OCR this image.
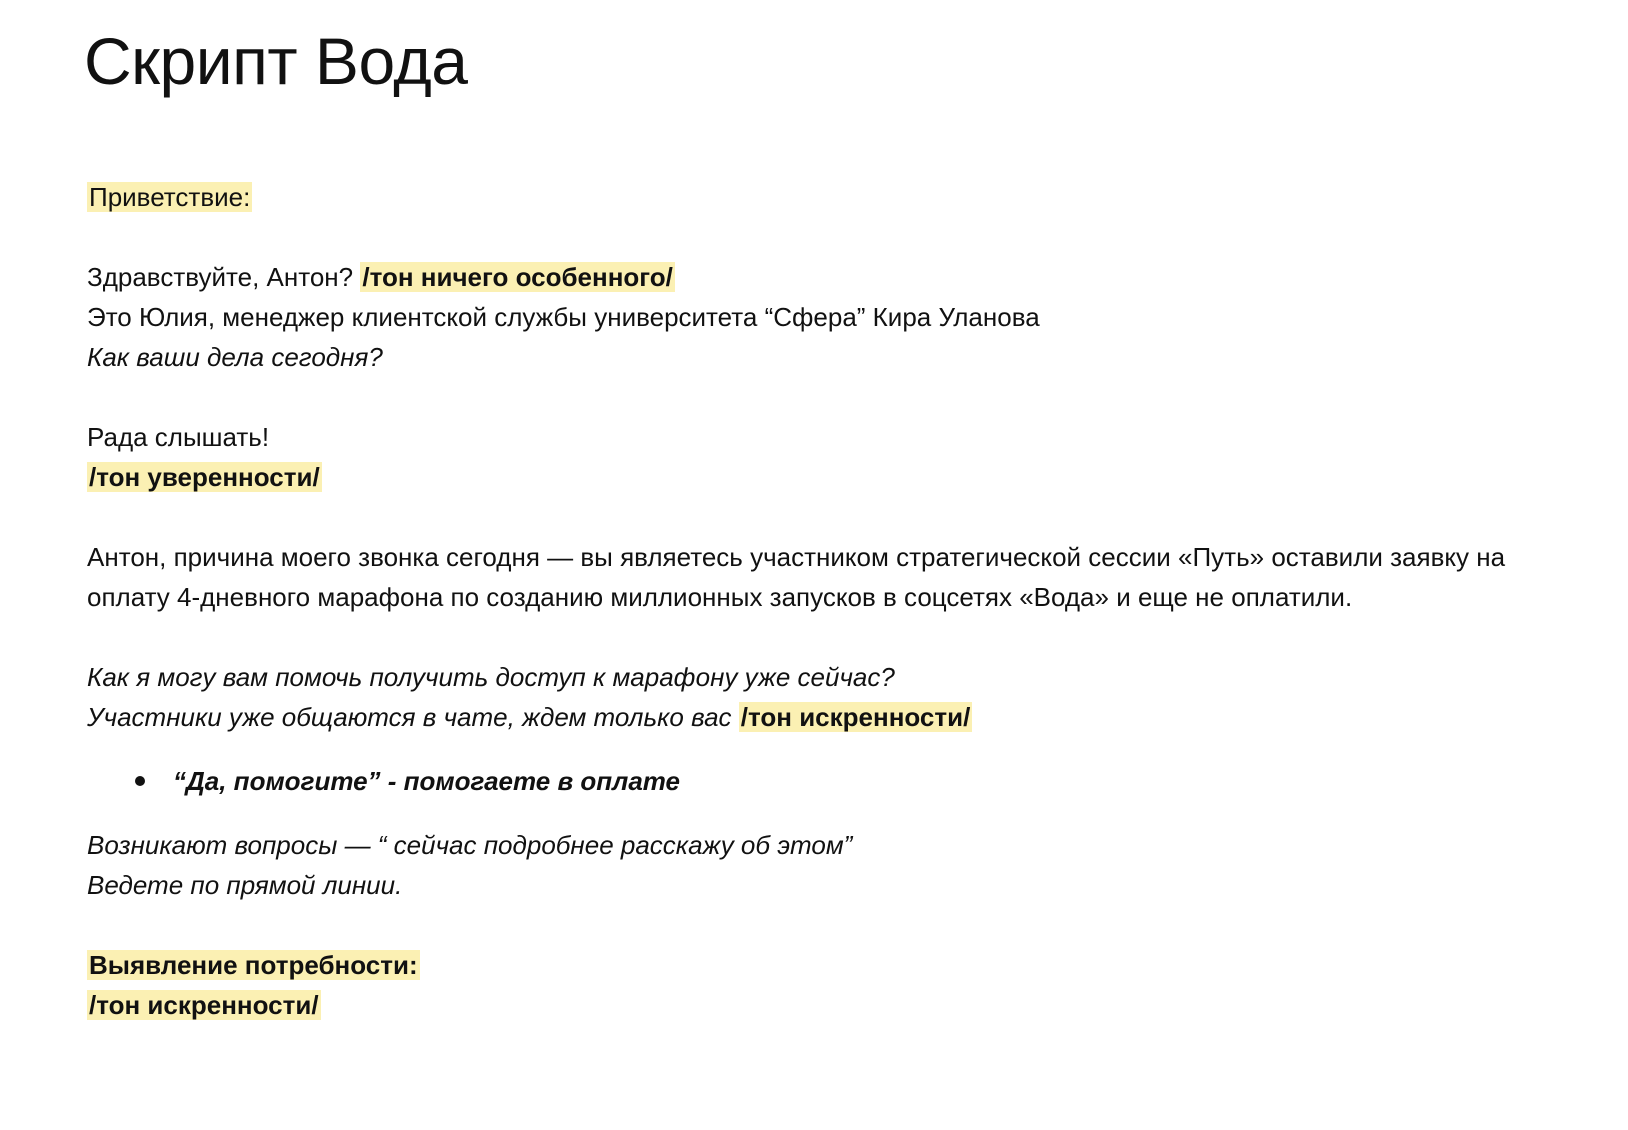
Скрипт Вода
Приветствие:
Здравствуйте, Антон? /тон ничего особенного/
Это Юлия, менеджер клиентской службы университета “Сфера” Кира Уланова
Как ваши дела сегодня?
Рада слышать!
/тон уверенности/
Антон, причина моего звонка сегодня — вы являетесь участником стратегической сессии «Путь» оставили заявку на оплату 4-дневного марафона по созданию миллионных запусков в соцсетях «Вода» и еще не оплатили.
Как я могу вам помочь получить доступ к марафону уже сейчас?
Участники уже общаются в чате, ждем только вас /тон искренности/
“Да, помогите” - помогаете в оплате
Возникают вопросы — “ сейчас подробнее расскажу об этом”
Ведете по прямой линии.
Выявление потребности:
/тон искренности/
